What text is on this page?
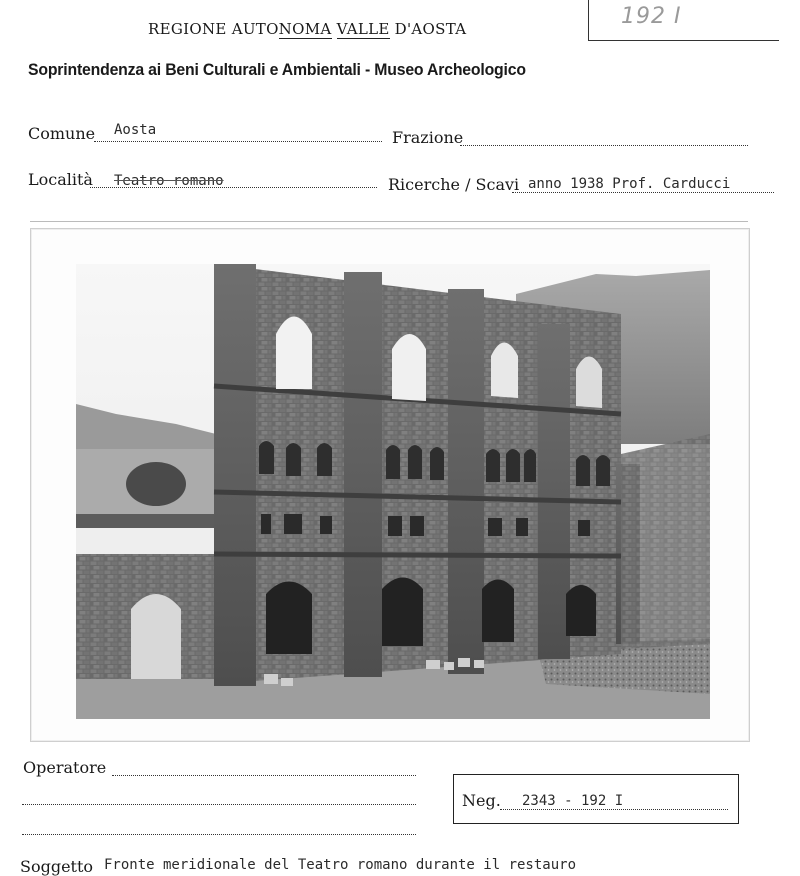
REGIONE AUTONOMA VALLE D'AOSTA	192 I
Soprintendenza ai Beni Culturali e Ambientali - Museo Archeologico
Comune Aosta	Frazione
Località Teatro romano	Ricerche / Scavi anno 1938 Prof. Carducci
Operatore
Neg. 2343 - 192 I
Soggetto Fronte meridionale del Teatro romano durante il restauro
